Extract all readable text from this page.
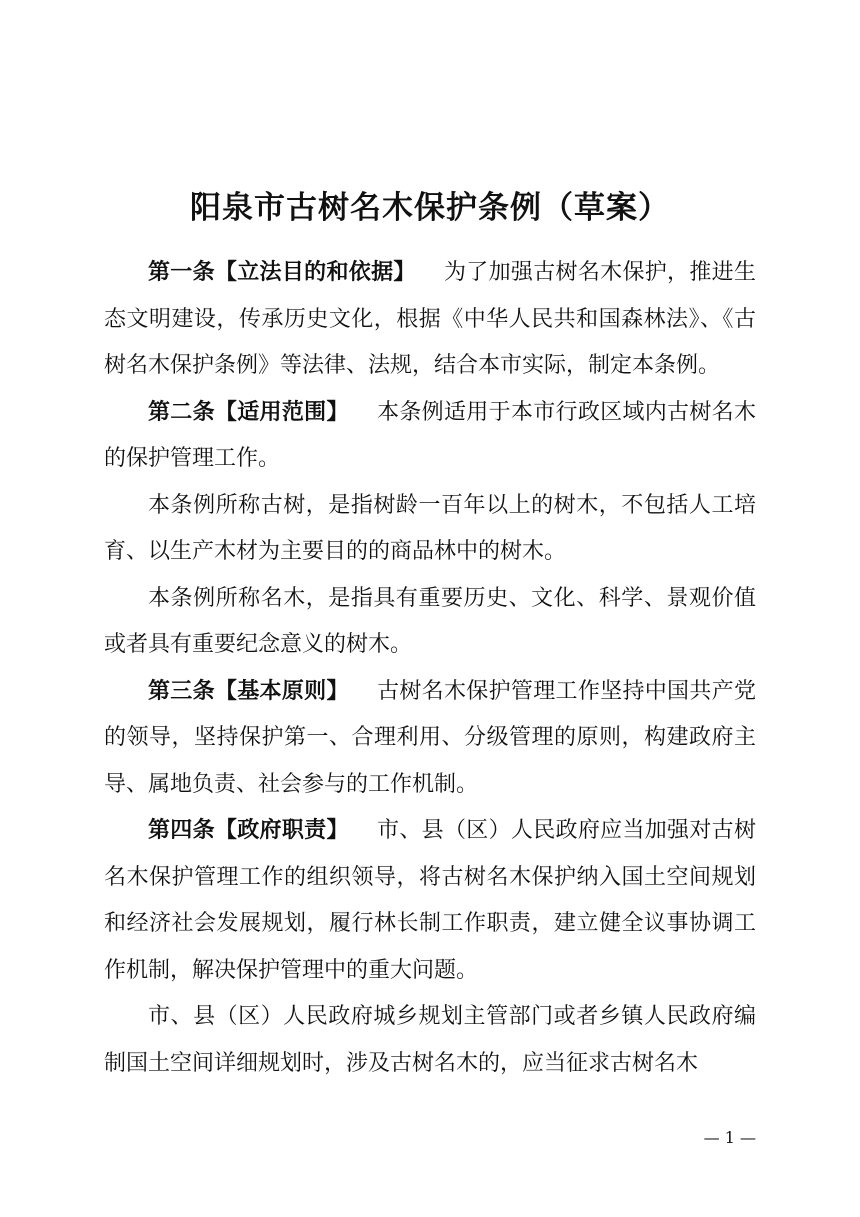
阳泉市古树名木保护条例（草案）

第一条【立法目的和依据】 为了加强古树名木保护，推进生态文明建设，传承历史文化，根据《中华人民共和国森林法》、《古树名木保护条例》等法律、法规，结合本市实际，制定本条例。

第二条【适用范围】 本条例适用于本市行政区域内古树名木的保护管理工作。

本条例所称古树，是指树龄一百年以上的树木，不包括人工培育、以生产木材为主要目的的商品林中的树木。

本条例所称名木，是指具有重要历史、文化、科学、景观价值或者具有重要纪念意义的树木。

第三条【基本原则】 古树名木保护管理工作坚持中国共产党的领导，坚持保护第一、合理利用、分级管理的原则，构建政府主导、属地负责、社会参与的工作机制。

第四条【政府职责】 市、县（区）人民政府应当加强对古树名木保护管理工作的组织领导，将古树名木保护纳入国土空间规划和经济社会发展规划，履行林长制工作职责，建立健全议事协调工作机制，解决保护管理中的重大问题。

市、县（区）人民政府城乡规划主管部门或者乡镇人民政府编制国土空间详细规划时，涉及古树名木的，应当征求古树名木

— 1 —
